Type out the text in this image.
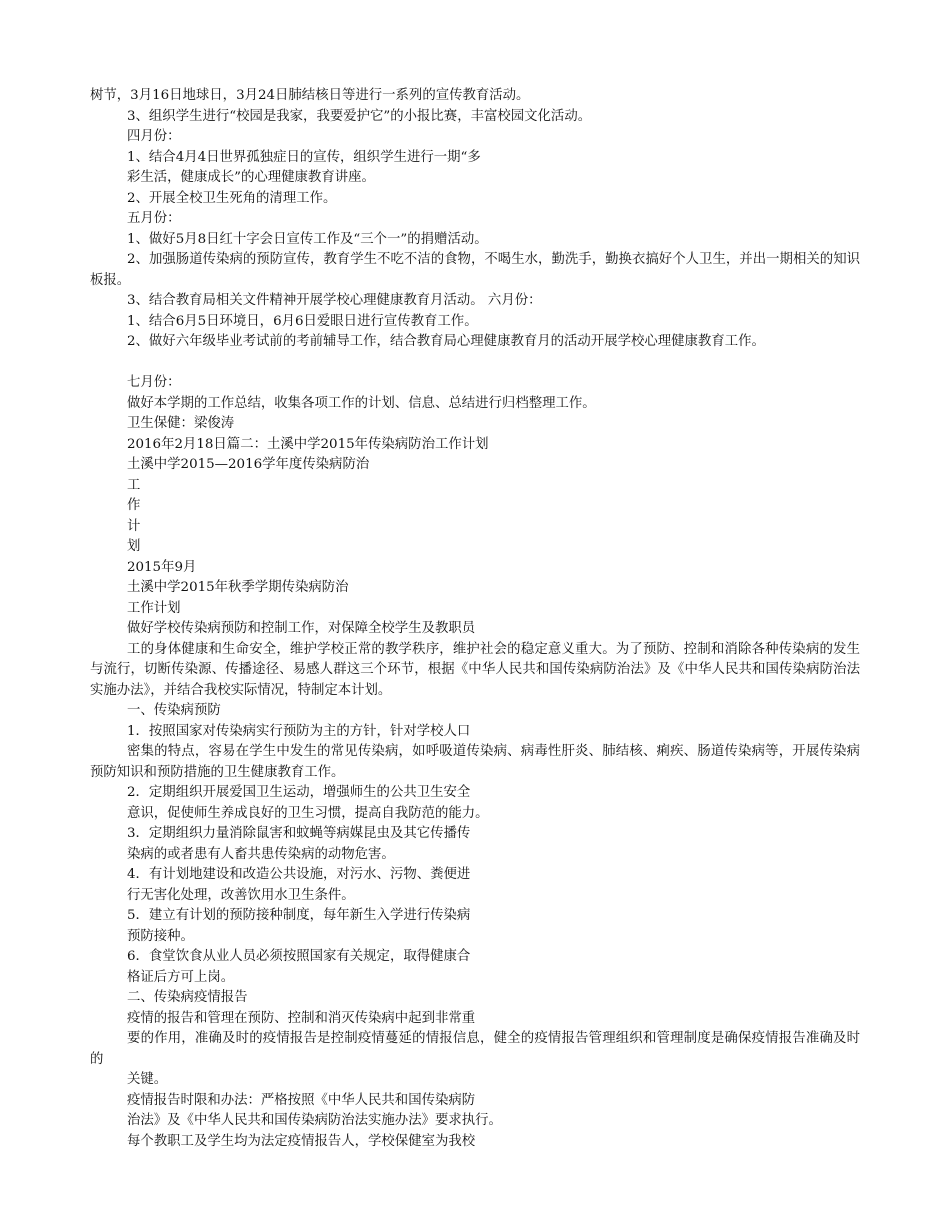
树节，3月16日地球日，3月24日肺结核日等进行一系列的宣传教育活动。
3、组织学生进行“校园是我家，我要爱护它”的小报比赛，丰富校园文化活动。
四月份：
1、结合4月4日世界孤独症日的宣传，组织学生进行一期“多
彩生活，健康成长”的心理健康教育讲座。
2、开展全校卫生死角的清理工作。
五月份：
1、做好5月8日红十字会日宣传工作及“三个一”的捐赠活动。
2、加强肠道传染病的预防宣传，教育学生不吃不洁的食物，不喝生水，勤洗手，勤换衣搞好个人卫生，并出一期相关的知识板报。
3、结合教育局相关文件精神开展学校心理健康教育月活动。 六月份：
1、结合6月5日环境日，6月6日爱眼日进行宣传教育工作。
2、做好六年级毕业考试前的考前辅导工作，结合教育局心理健康教育月的活动开展学校心理健康教育工作。
七月份：
做好本学期的工作总结，收集各项工作的计划、信息、总结进行归档整理工作。
卫生保健：梁俊涛
2016年2月18日篇二：土溪中学2015年传染病防治工作计划
土溪中学2015—2016学年度传染病防治
工
作
计
划
2015年9月
土溪中学2015年秋季学期传染病防治
工作计划
做好学校传染病预防和控制工作，对保障全校学生及教职员
工的身体健康和生命安全，维护学校正常的教学秩序，维护社会的稳定意义重大。为了预防、控制和消除各种传染病的发生与流行，切断传染源、传播途径、易感人群这三个环节，根据《中华人民共和国传染病防治法》及《中华人民共和国传染病防治法实施办法》，并结合我校实际情况，特制定本计划。
一、传染病预防
1．按照国家对传染病实行预防为主的方针，针对学校人口
密集的特点，容易在学生中发生的常见传染病，如呼吸道传染病、病毒性肝炎、肺结核、痢疾、肠道传染病等，开展传染病预防知识和预防措施的卫生健康教育工作。
2．定期组织开展爱国卫生运动，增强师生的公共卫生安全
意识，促使师生养成良好的卫生习惯，提高自我防范的能力。
3．定期组织力量消除鼠害和蚊蝇等病媒昆虫及其它传播传
染病的或者患有人畜共患传染病的动物危害。
4．有计划地建设和改造公共设施，对污水、污物、粪便进
行无害化处理，改善饮用水卫生条件。
5．建立有计划的预防接种制度，每年新生入学进行传染病
预防接种。
6．食堂饮食从业人员必须按照国家有关规定，取得健康合
格证后方可上岗。
二、传染病疫情报告
疫情的报告和管理在预防、控制和消灭传染病中起到非常重
要的作用，准确及时的疫情报告是控制疫情蔓延的情报信息，健全的疫情报告管理组织和管理制度是确保疫情报告准确及时的
关键。
疫情报告时限和办法：严格按照《中华人民共和国传染病防
治法》及《中华人民共和国传染病防治法实施办法》要求执行。
每个教职工及学生均为法定疫情报告人，学校保健室为我校
